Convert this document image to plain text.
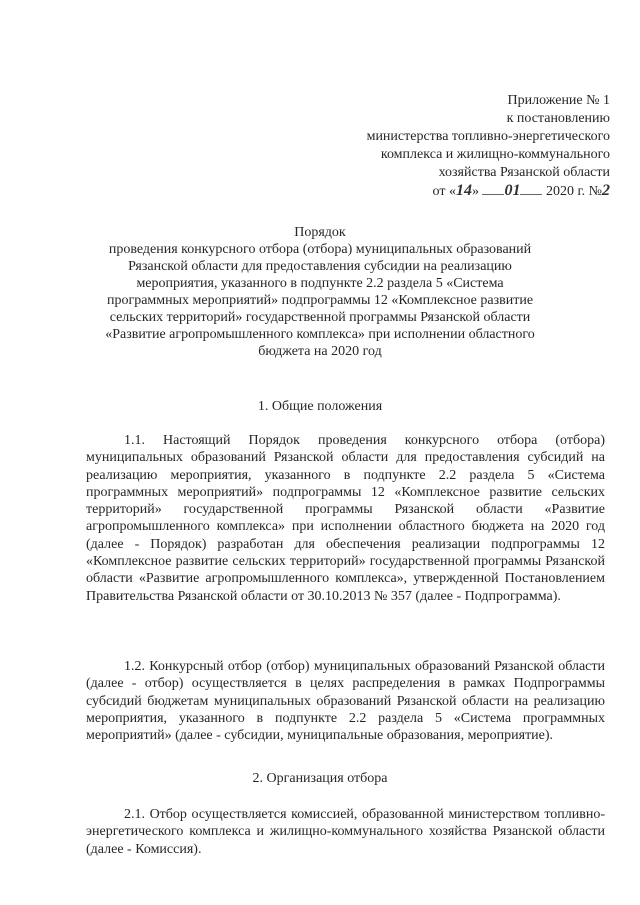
Приложение № 1
к постановлению
министерства топливно-энергетического
комплекса и жилищно-коммунального
хозяйства Рязанской области
от «14» 01 2020 г. №2
Порядок
проведения конкурсного отбора (отбора) муниципальных образований Рязанской области для предоставления субсидии на реализацию мероприятия, указанного в подпункте 2.2 раздела 5 «Система программных мероприятий» подпрограммы 12 «Комплексное развитие сельских территорий» государственной программы Рязанской области «Развитие агропромышленного комплекса» при исполнении областного бюджета на 2020 год
1. Общие положения
1.1. Настоящий Порядок проведения конкурсного отбора (отбора) муниципальных образований Рязанской области для предоставления субсидий на реализацию мероприятия, указанного в подпункте 2.2 раздела 5 «Система программных мероприятий» подпрограммы 12 «Комплексное развитие сельских территорий» государственной программы Рязанской области «Развитие агропромышленного комплекса» при исполнении областного бюджета на 2020 год (далее - Порядок) разработан для обеспечения реализации подпрограммы 12 «Комплексное развитие сельских территорий» государственной программы Рязанской области «Развитие агропромышленного комплекса», утвержденной Постановлением Правительства Рязанской области от 30.10.2013 № 357 (далее - Подпрограмма).
1.2. Конкурсный отбор (отбор) муниципальных образований Рязанской области (далее - отбор) осуществляется в целях распределения в рамках Подпрограммы субсидий бюджетам муниципальных образований Рязанской области на реализацию мероприятия, указанного в подпункте 2.2 раздела 5 «Система программных мероприятий» (далее - субсидии, муниципальные образования, мероприятие).
2. Организация отбора
2.1. Отбор осуществляется комиссией, образованной министерством топливно-энергетического комплекса и жилищно-коммунального хозяйства Рязанской области (далее - Комиссия).
